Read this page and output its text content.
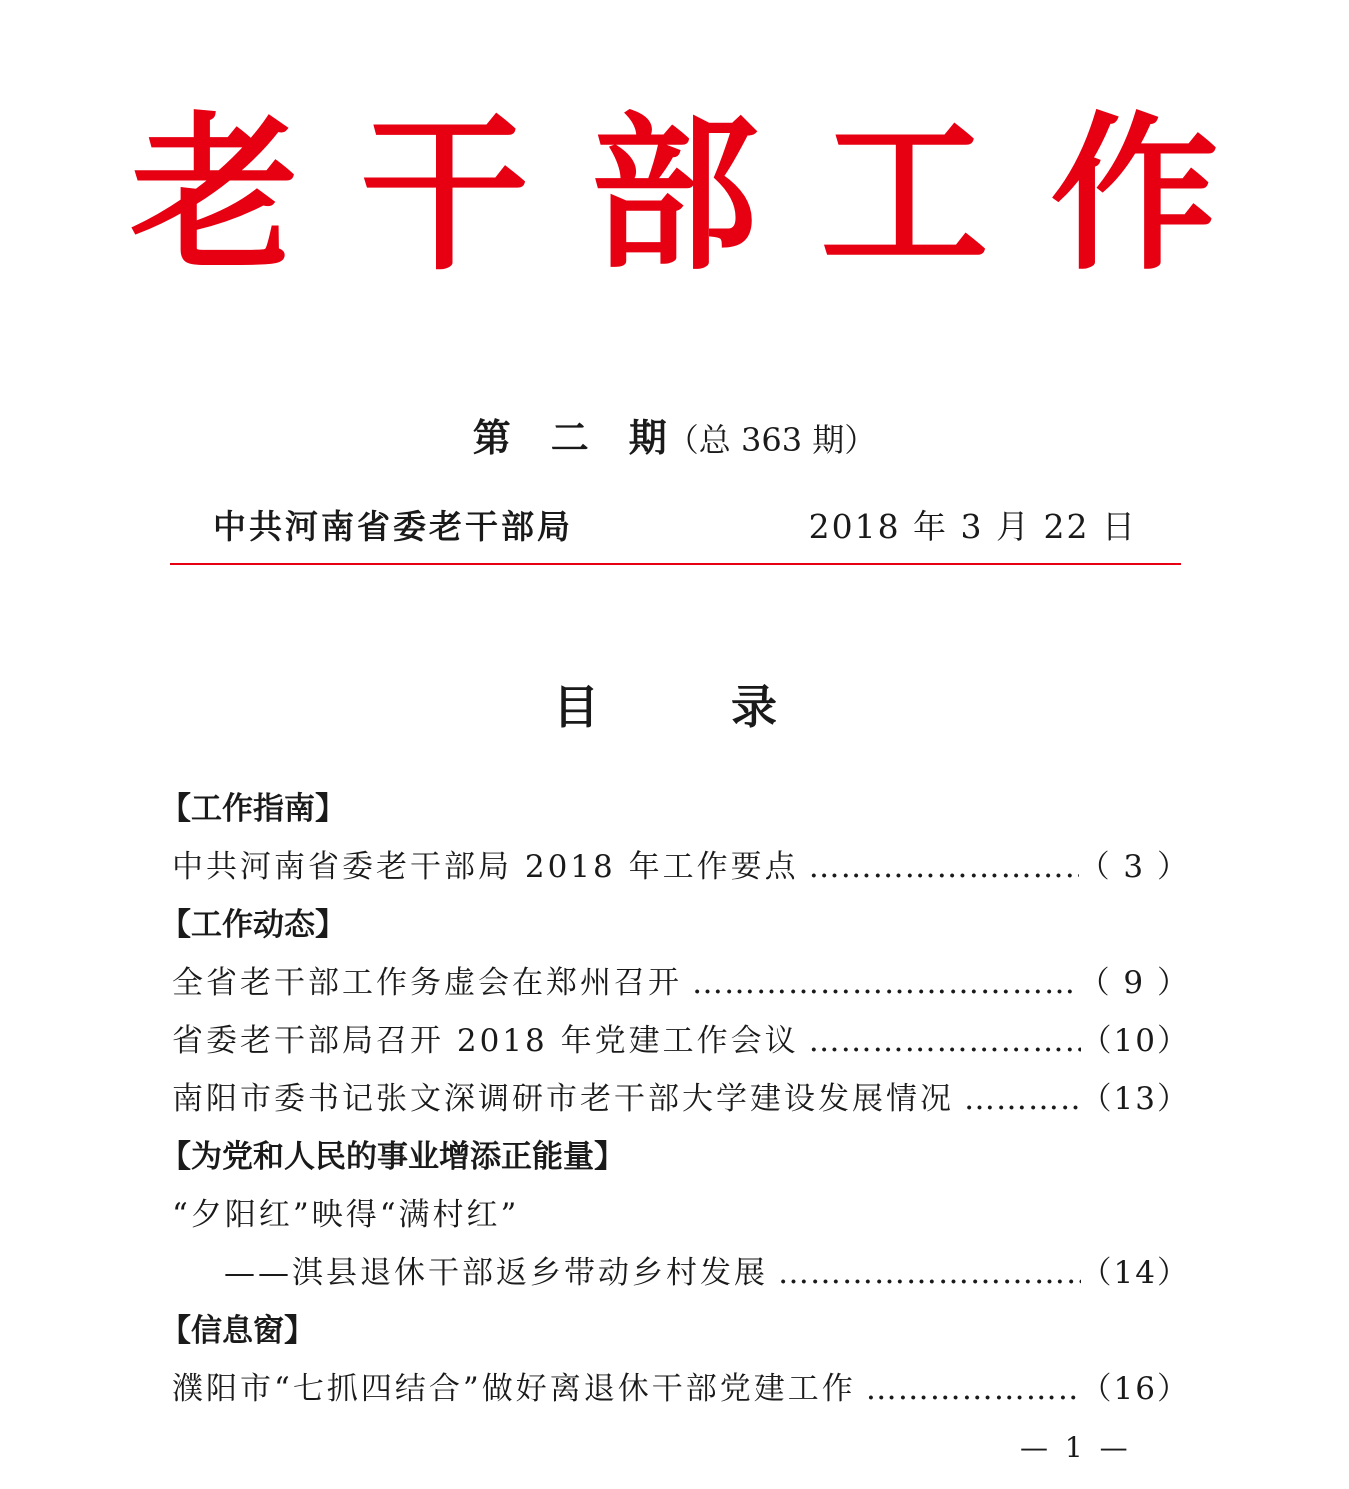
老干部工作
第 二 期（总 363 期）
中共河南省委老干部局	2018 年 3 月 22 日
目	录
【工作指南】
中共河南省委老干部局 2018 年工作要点 ……………………………………………………………………………………	（ 3 ）
【工作动态】
全省老干部工作务虚会在郑州召开 ……………………………………………………………………………………	（ 9 ）
省委老干部局召开 2018 年党建工作会议 ……………………………………………………………………………………	（10）
南阳市委书记张文深调研市老干部大学建设发展情况 ……………………………………………………………………………………	（13）
【为党和人民的事业增添正能量】
“夕阳红”映得“满村红”
——淇县退休干部返乡带动乡村发展 ……………………………………………………………………………………	（14）
【信息窗】
濮阳市“七抓四结合”做好离退休干部党建工作 ……………………………………………………………………………………	（16）
— 1 —
